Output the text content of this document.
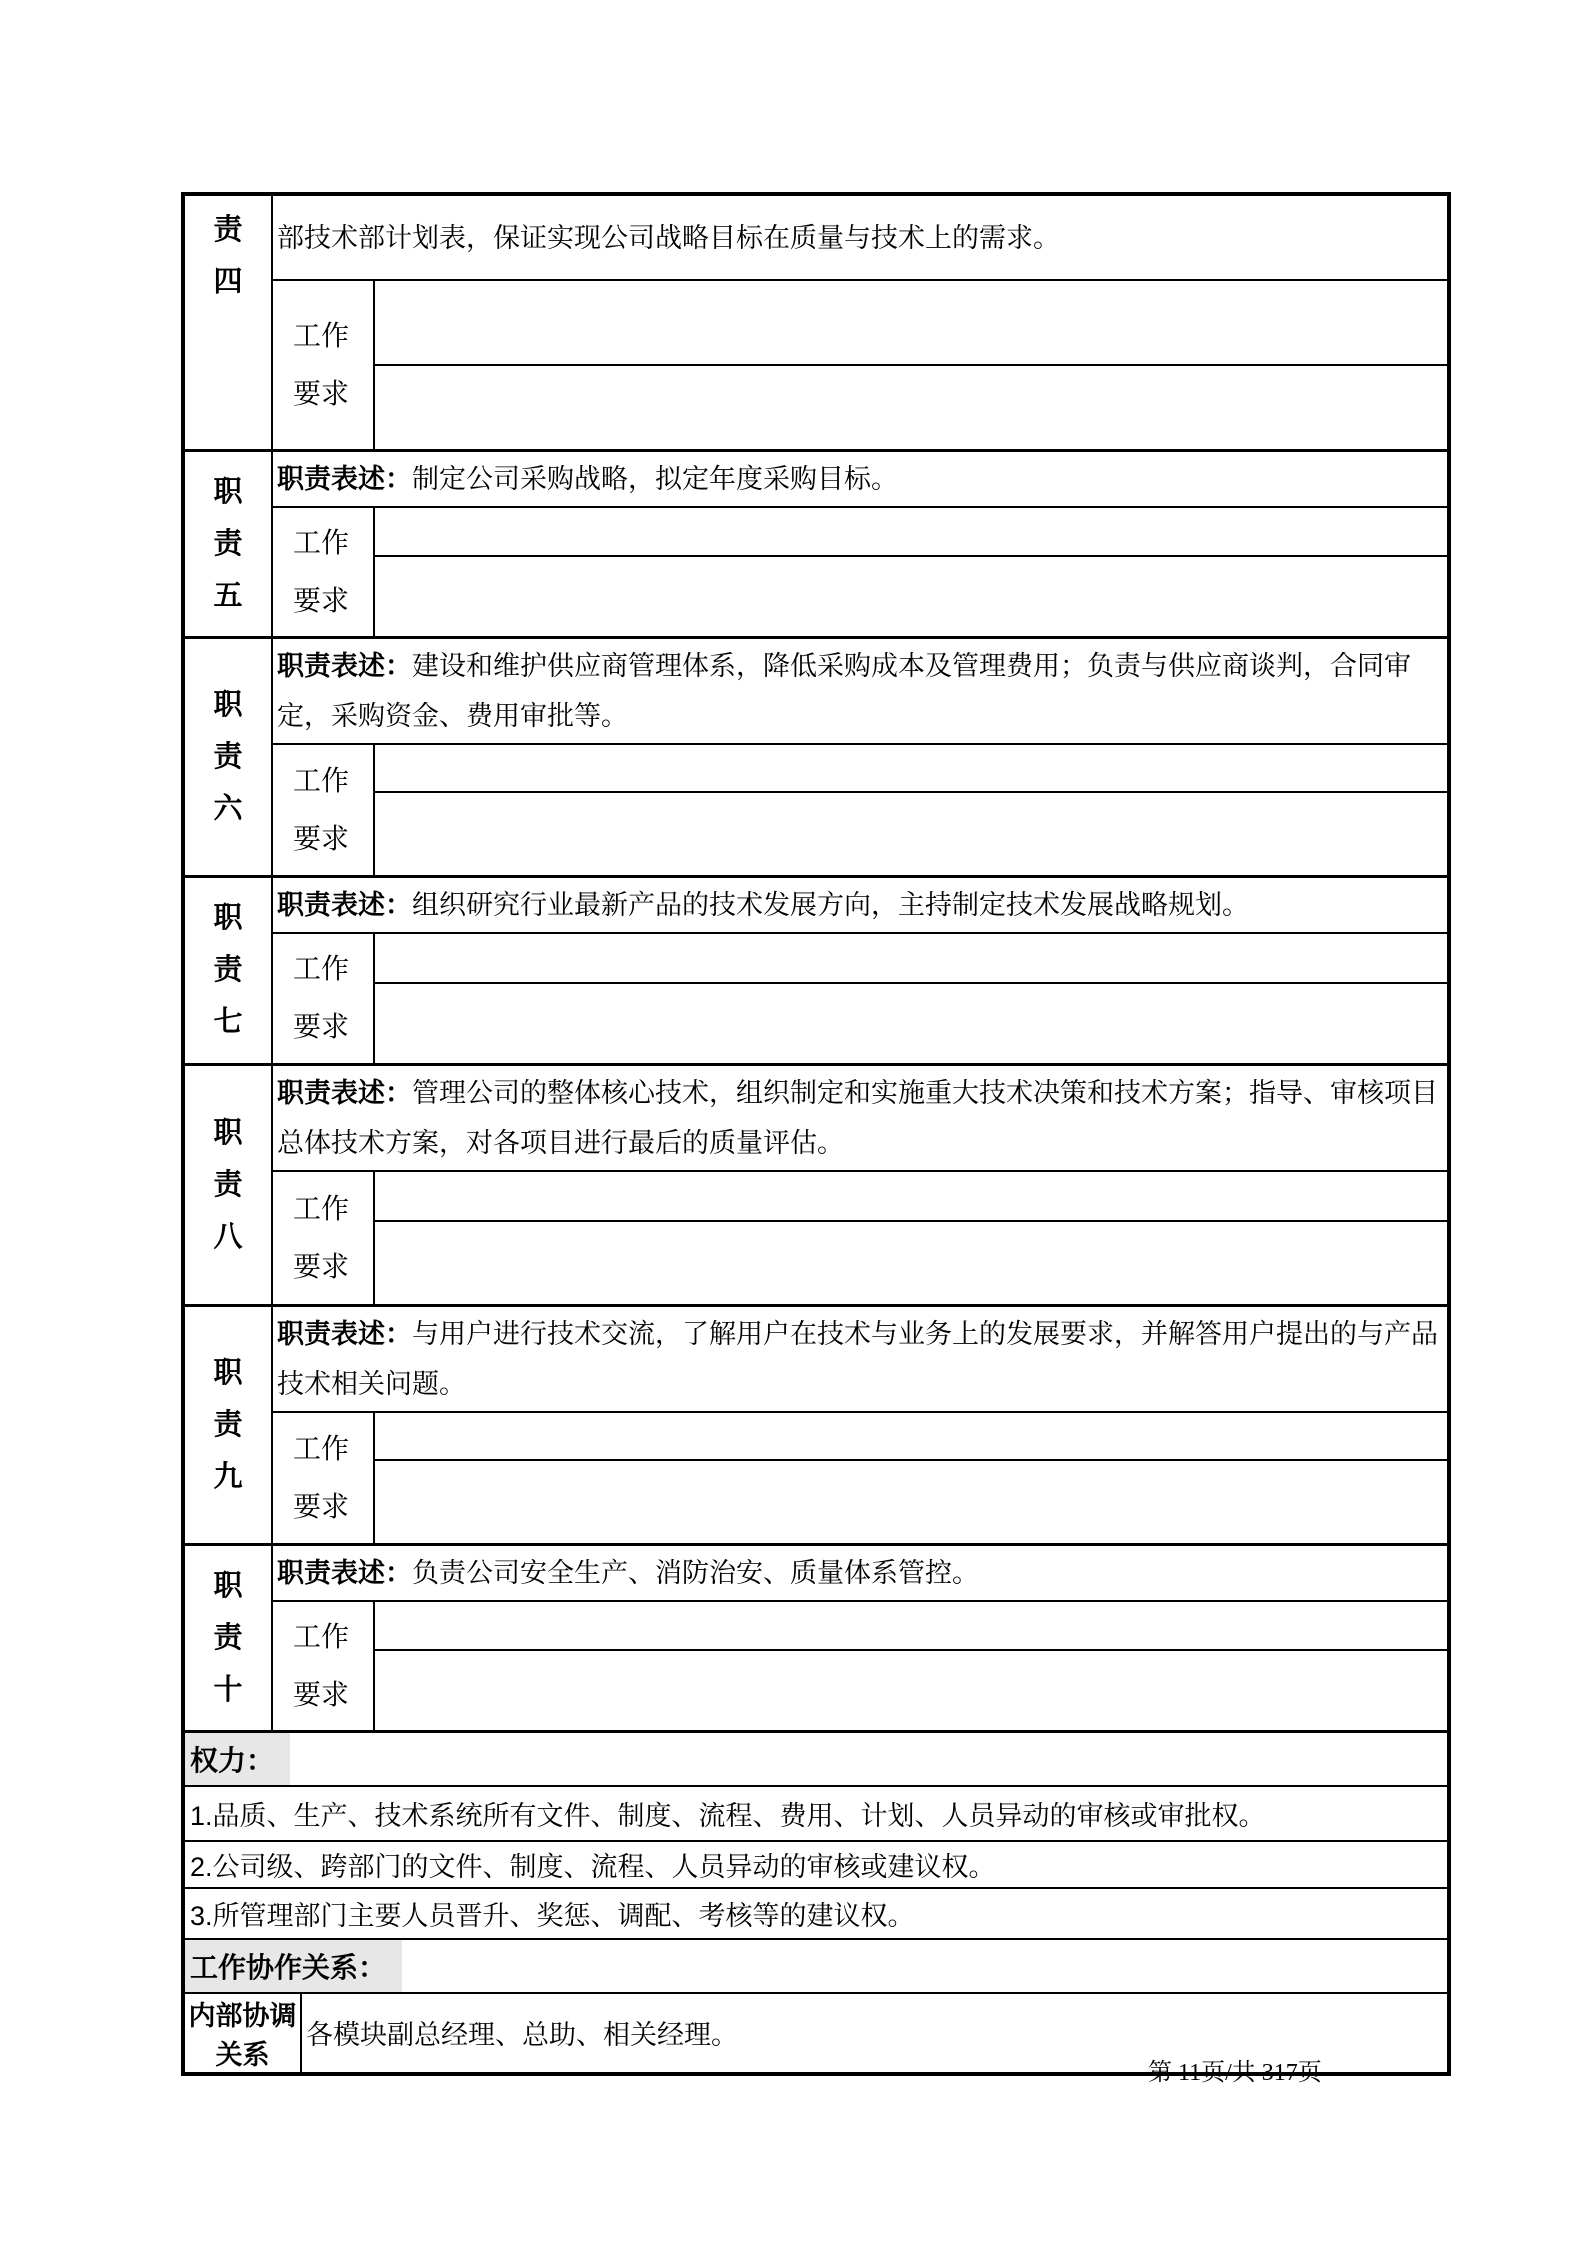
责四	部技术部计划表，保证实现公司战略目标在质量与技术上的需求。		

	工作要求		

职责五	职责表述：制定公司采购战略，拟定年度采购目标。		

	工作要求		

职责六	职责表述：建设和维护供应商管理体系，降低采购成本及管理费用；负责与供应商谈判，合同审定，采购资金、费用审批等。		

	工作要求		

职责七	职责表述：组织研究行业最新产品的技术发展方向，主持制定技术发展战略规划。		

	工作要求		

职责八	职责表述：管理公司的整体核心技术，组织制定和实施重大技术决策和技术方案；指导、审核项目总体技术方案，对各项目进行最后的质量评估。		

	工作要求		

职责九	职责表述：与用户进行技术交流，了解用户在技术与业务上的发展要求，并解答用户提出的与产品技术相关问题。		

	工作要求		

职责十	职责表述：负责公司安全生产、消防治安、质量体系管控。		

	工作要求		

权力：			
1.品质、生产、技术系统所有文件、制度、流程、费用、计划、人员异动的审核或审批权。			
2.公司级、跨部门的文件、制度、流程、人员异动的审核或建议权。			
3.所管理部门主要人员晋升、奖惩、调配、考核等的建议权。			
工作协作关系：			
内部协调关系		各模块副总经理、总助、相关经理。	
第 11页/共 317页
